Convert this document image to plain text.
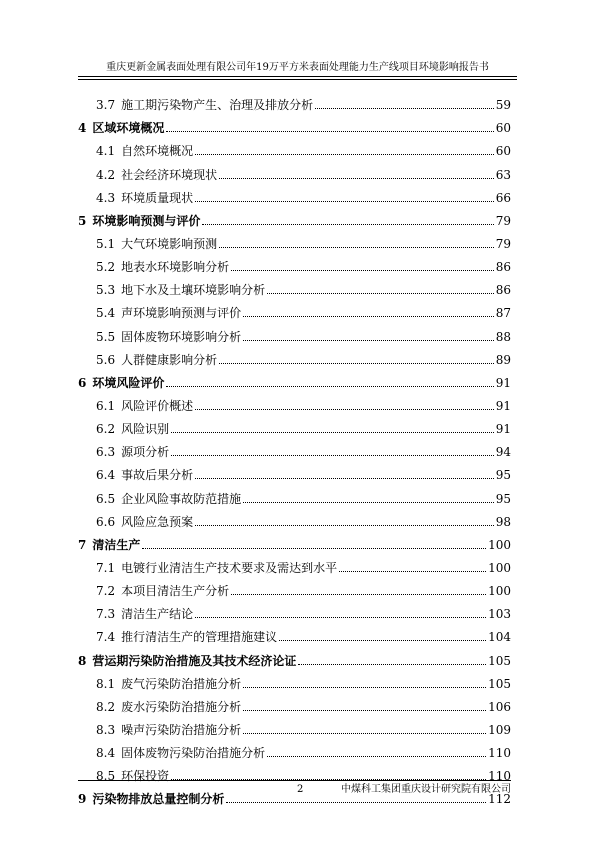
重庆更新金属表面处理有限公司年19万平方米表面处理能力生产线项目环境影响报告书
3.7 施工期污染物产生、治理及排放分析	59
4 区域环境概况	60
4.1 自然环境概况	60
4.2 社会经济环境现状	63
4.3 环境质量现状	66
5 环境影响预测与评价	79
5.1 大气环境影响预测	79
5.2 地表水环境影响分析	86
5.3 地下水及土壤环境影响分析	86
5.4 声环境影响预测与评价	87
5.5 固体废物环境影响分析	88
5.6 人群健康影响分析	89
6 环境风险评价	91
6.1 风险评价概述	91
6.2 风险识别	91
6.3 源项分析	94
6.4 事故后果分析	95
6.5 企业风险事故防范措施	95
6.6 风险应急预案	98
7 清洁生产	100
7.1 电镀行业清洁生产技术要求及需达到水平	100
7.2 本项目清洁生产分析	100
7.3 清洁生产结论	103
7.4 推行清洁生产的管理措施建议	104
8 营运期污染防治措施及其技术经济论证	105
8.1 废气污染防治措施分析	105
8.2 废水污染防治措施分析	106
8.3 噪声污染防治措施分析	109
8.4 固体废物污染防治措施分析	110
8.5 环保投资	110
9 污染物排放总量控制分析	112
2	中煤科工集团重庆设计研究院有限公司
